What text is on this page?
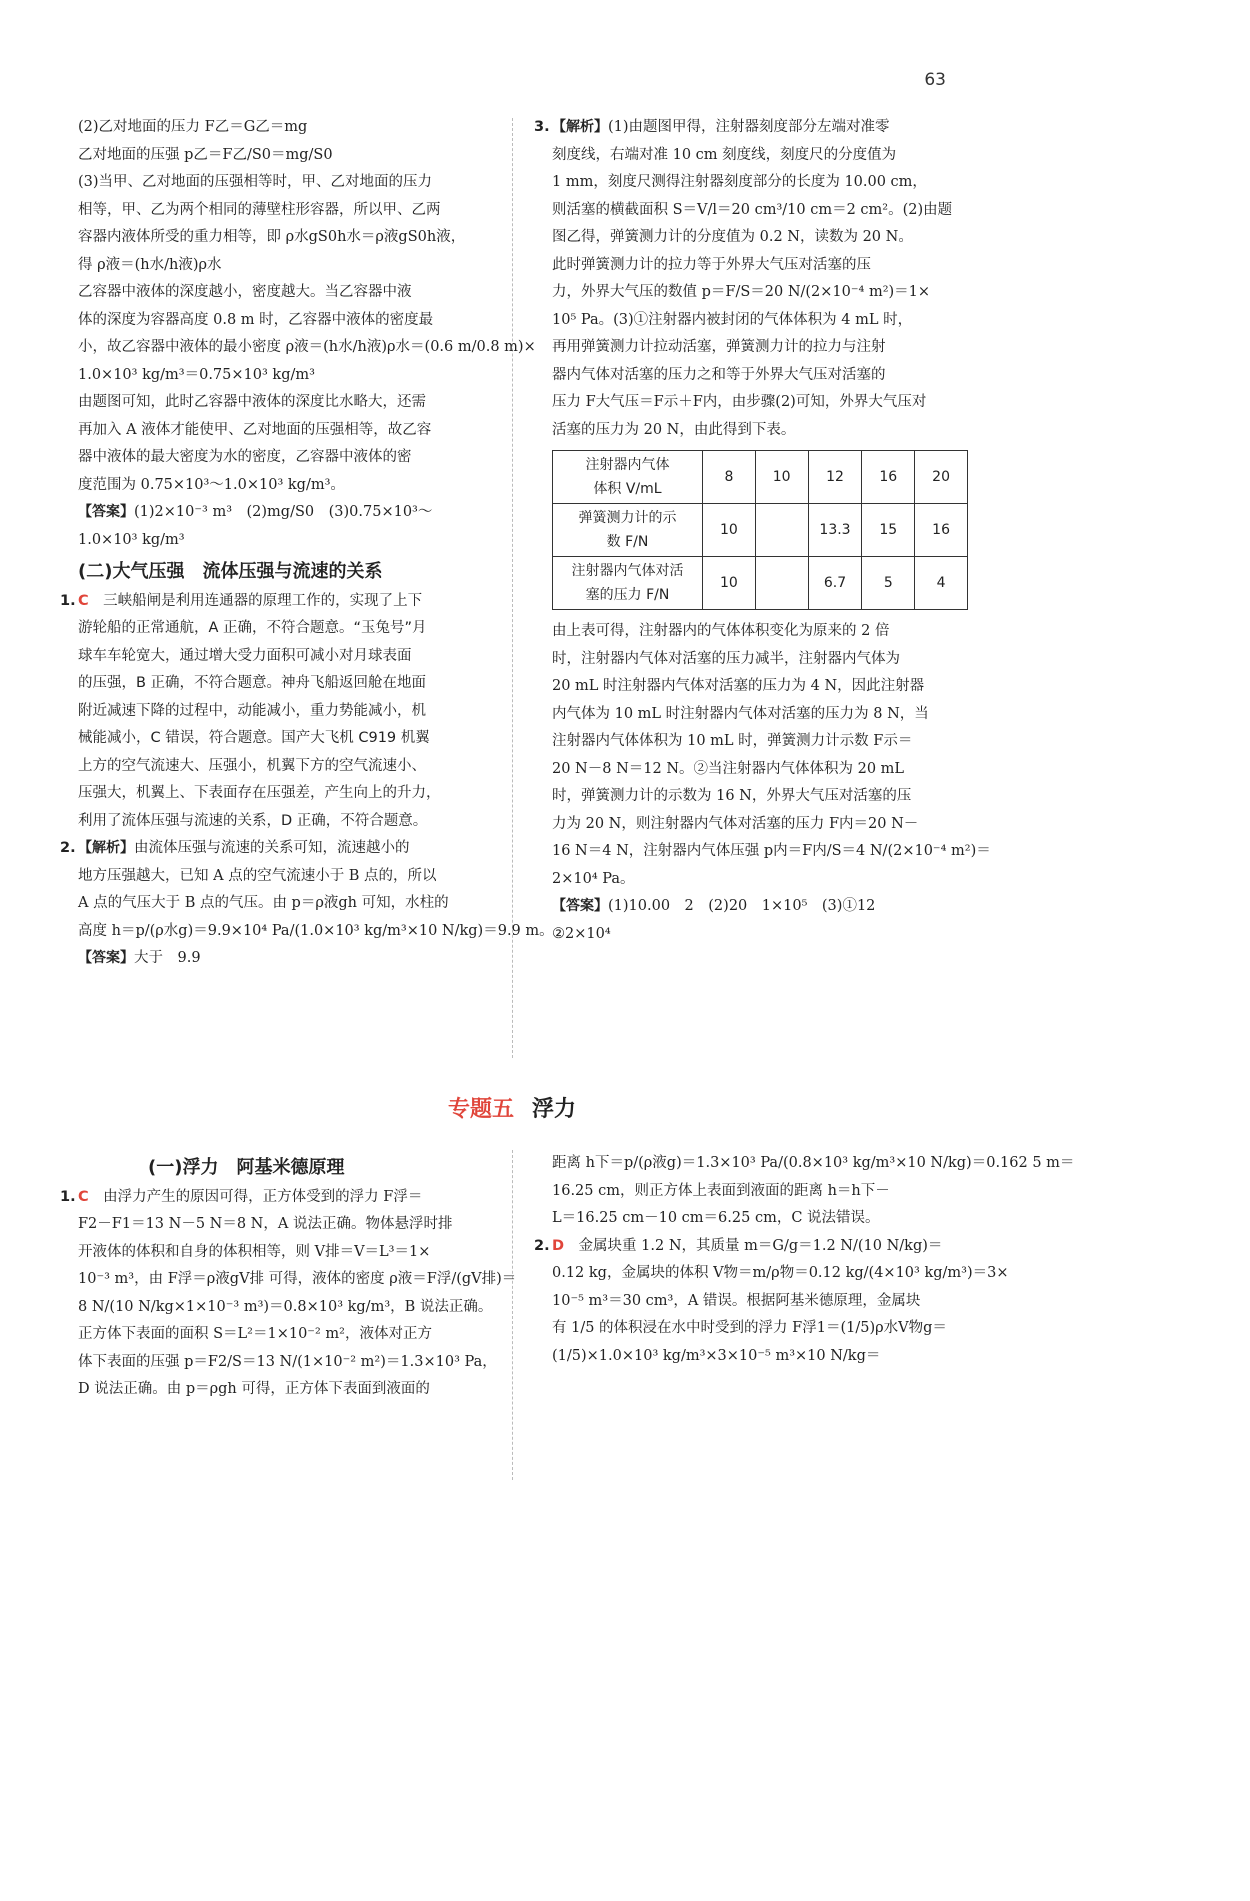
63
(2)乙对地面的压力 F乙＝G乙＝mg
乙对地面的压强 p乙＝F乙/S0＝mg/S0
(3)当甲、乙对地面的压强相等时，甲、乙对地面的压力
相等，甲、乙为两个相同的薄壁柱形容器，所以甲、乙两
容器内液体所受的重力相等，即 ρ水gS0h水＝ρ液gS0h液，
得 ρ液＝(h水/h液)ρ水
乙容器中液体的深度越小，密度越大。当乙容器中液
体的深度为容器高度 0.8 m 时，乙容器中液体的密度最
小，故乙容器中液体的最小密度 ρ液＝(h水/h液)ρ水＝(0.6 m/0.8 m)×
1.0×10³ kg/m³＝0.75×10³ kg/m³
由题图可知，此时乙容器中液体的深度比水略大，还需
再加入 A 液体才能使甲、乙对地面的压强相等，故乙容
器中液体的最大密度为水的密度，乙容器中液体的密
度范围为 0.75×10³～1.0×10³ kg/m³。
【答案】(1)2×10⁻³ m³　(2)mg/S0　(3)0.75×10³～
1.0×10³ kg/m³
(二)大气压强　流体压强与流速的关系
1. C　 三峡船闸是利用连通器的原理工作的，实现了上下
游轮船的正常通航，A 正确，不符合题意。“玉兔号”月
球车车轮宽大，通过增大受力面积可减小对月球表面
的压强，B 正确，不符合题意。神舟飞船返回舱在地面
附近减速下降的过程中，动能减小，重力势能减小，机
械能减小，C 错误，符合题意。国产大飞机 C919 机翼
上方的空气流速大、压强小，机翼下方的空气流速小、
压强大，机翼上、下表面存在压强差，产生向上的升力，
利用了流体压强与流速的关系，D 正确，不符合题意。
2. 【解析】由流体压强与流速的关系可知，流速越小的
地方压强越大，已知 A 点的空气流速小于 B 点的，所以
A 点的气压大于 B 点的气压。由 p＝ρ液gh 可知，水柱的
高度 h＝p/(ρ水g)＝9.9×10⁴ Pa/(1.0×10³ kg/m³×10 N/kg)＝9.9 m。
【答案】大于　9.9
3. 【解析】(1)由题图甲得，注射器刻度部分左端对准零
刻度线，右端对准 10 cm 刻度线，刻度尺的分度值为
1 mm，刻度尺测得注射器刻度部分的长度为 10.00 cm，
则活塞的横截面积 S＝V/l＝20 cm³/10 cm＝2 cm²。(2)由题
图乙得，弹簧测力计的分度值为 0.2 N，读数为 20 N。
此时弹簧测力计的拉力等于外界大气压对活塞的压
力，外界大气压的数值 p＝F/S＝20 N/(2×10⁻⁴ m²)＝1×
10⁵ Pa。(3)①注射器内被封闭的气体体积为 4 mL 时，
再用弹簧测力计拉动活塞，弹簧测力计的拉力与注射
器内气体对活塞的压力之和等于外界大气压对活塞的
压力 F大气压＝F示＋F内，由步骤(2)可知，外界大气压对
活塞的压力为 20 N，由此得到下表。
注射器内气体
体积 V/mL	8	10	12	16	20
弹簧测力计的示
数 F/N	10		13.3	15	16
注射器内气体对活
塞的压力 F/N	10		6.7	5	4
由上表可得，注射器内的气体体积变化为原来的 2 倍
时，注射器内气体对活塞的压力减半，注射器内气体为
20 mL 时注射器内气体对活塞的压力为 4 N，因此注射器
内气体为 10 mL 时注射器内气体对活塞的压力为 8 N，当
注射器内气体体积为 10 mL 时，弹簧测力计示数 F示＝
20 N－8 N＝12 N。②当注射器内气体体积为 20 mL
时，弹簧测力计的示数为 16 N，外界大气压对活塞的压
力为 20 N，则注射器内气体对活塞的压力 F内＝20 N－
16 N＝4 N，注射器内气体压强 p内＝F内/S＝4 N/(2×10⁻⁴ m²)＝
2×10⁴ Pa。
【答案】(1)10.00　2　(2)20　1×10⁵　(3)①12
②2×10⁴
专题五 浮力
(一)浮力　阿基米德原理
1. C　 由浮力产生的原因可得，正方体受到的浮力 F浮＝
F2－F1＝13 N－5 N＝8 N，A 说法正确。物体悬浮时排
开液体的体积和自身的体积相等，则 V排＝V＝L³＝1×
10⁻³ m³，由 F浮＝ρ液gV排 可得，液体的密度 ρ液＝F浮/(gV排)＝
8 N/(10 N/kg×1×10⁻³ m³)＝0.8×10³ kg/m³，B 说法正确。
正方体下表面的面积 S＝L²＝1×10⁻² m²，液体对正方
体下表面的压强 p＝F2/S＝13 N/(1×10⁻² m²)＝1.3×10³ Pa，
D 说法正确。由 p＝ρgh 可得，正方体下表面到液面的
距离 h下＝p/(ρ液g)＝1.3×10³ Pa/(0.8×10³ kg/m³×10 N/kg)＝0.162 5 m＝
16.25 cm，则正方体上表面到液面的距离 h＝h下－
L＝16.25 cm－10 cm＝6.25 cm，C 说法错误。
2. D　 金属块重 1.2 N，其质量 m＝G/g＝1.2 N/(10 N/kg)＝
0.12 kg，金属块的体积 V物＝m/ρ物＝0.12 kg/(4×10³ kg/m³)＝3×
10⁻⁵ m³＝30 cm³，A 错误。根据阿基米德原理，金属块
有 1/5 的体积浸在水中时受到的浮力 F浮1＝(1/5)ρ水V物g＝
(1/5)×1.0×10³ kg/m³×3×10⁻⁵ m³×10 N/kg＝
